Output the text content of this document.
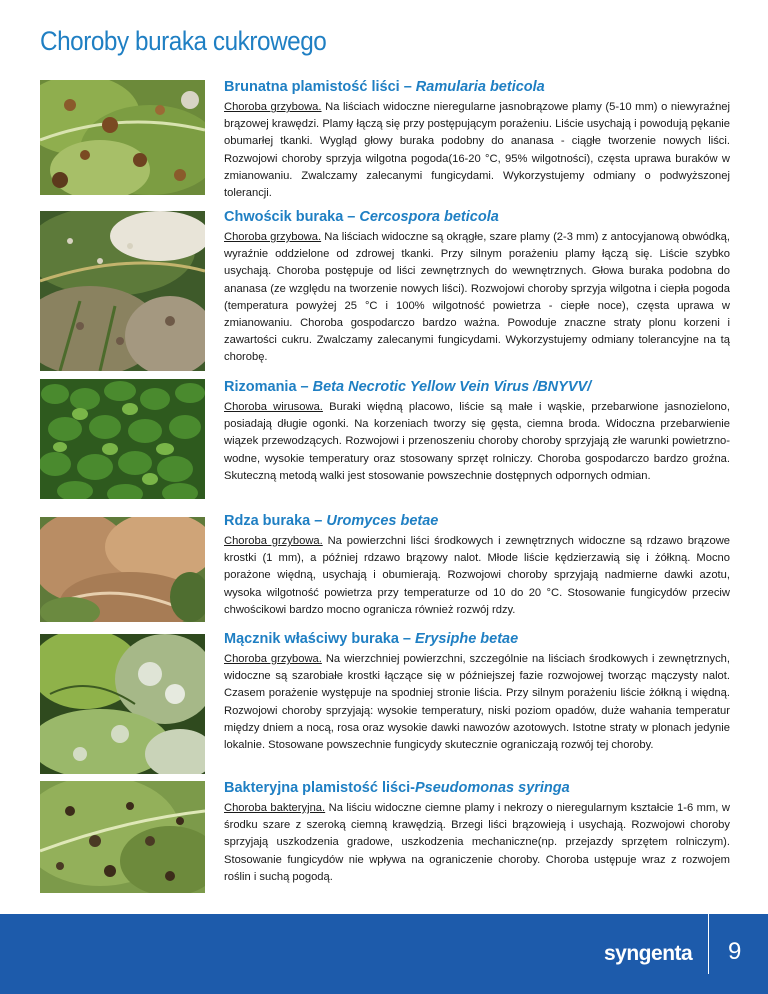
Choroby buraka cukrowego
Brunatna plamistość liści – Ramularia beticola

Choroba grzybowa. Na liściach widoczne nieregularne jasnobrązowe plamy (5-10 mm) o niewyraźnej brązowej krawędzi. Plamy łączą się przy postępującym porażeniu. Liście usychają i powodują pękanie obumarłej tkanki. Wygląd głowy buraka podobny do ananasa - ciągłe tworzenie nowych liści. Rozwojowi choroby sprzyja wilgotna pogoda(16-20 °C, 95% wilgotności), częsta uprawa buraków w zmianowaniu. Zwalczamy zalecanymi fungicydami. Wykorzystujemy odmiany o podwyższonej tolerancji.

Chwościk buraka – Cercospora beticola

Choroba grzybowa. Na liściach widoczne są okrągłe, szare plamy (2-3 mm) z antocyjanową obwódką, wyraźnie oddzielone od zdrowej tkanki. Przy silnym porażeniu plamy łączą się. Liście szybko usychają. Choroba postępuje od liści zewnętrznych do wewnętrznych. Głowa buraka podobna do ananasa (ze względu na tworzenie nowych liści). Rozwojowi choroby sprzyja wilgotna i ciepła pogoda (temperatura powyżej 25 °C i 100% wilgotność powietrza - ciepłe noce), częsta uprawa w zmianowaniu. Choroba gospodarczo bardzo ważna. Powoduje znaczne straty plonu korzeni i zawartości cukru. Zwalczamy zalecanymi fungicydami. Wykorzystujemy odmiany tolerancyjne na tą chorobę.

Rizomania – Beta Necrotic Yellow Vein Virus /BNYVV/

Choroba wirusowa. Buraki więdną placowo, liście są małe i wąskie, przebarwione jasnozielono, posiadają długie ogonki. Na korzeniach tworzy się gęsta, ciemna broda. Widoczna przebarwienie wiązek przewodzących. Rozwojowi i przenoszeniu choroby choroby sprzyjają złe warunki powietrzno-wodne, wysokie temperatury oraz stosowany sprzęt rolniczy. Choroba gospodarczo bardzo groźna. Skuteczną metodą walki jest stosowanie powszechnie dostępnych odpornych odmian.

Rdza buraka – Uromyces betae

Choroba grzybowa. Na powierzchni liści środkowych i zewnętrznych widoczne są rdzawo brązowe krostki (1 mm), a później rdzawo brązowy nalot. Młode liście kędzierzawią się i żółkną. Mocno porażone więdną, usychają i obumierają. Rozwojowi choroby sprzyjają nadmierne dawki azotu, wysoka wilgotność powietrza przy temperaturze od 10 do 20 °C. Stosowanie fungicydów przeciw chwościkowi bardzo mocno ogranicza również rozwój rdzy.

Mącznik właściwy buraka – Erysiphe betae

Choroba grzybowa. Na wierzchniej powierzchni, szczególnie na liściach środkowych i zewnętrznych, widoczne są szarobiałe krostki łączące się w późniejszej fazie rozwojowej tworząc mączysty nalot. Czasem porażenie występuje na spodniej stronie liścia. Przy silnym porażeniu liście żółkną i więdną. Rozwojowi choroby sprzyjają: wysokie temperatury, niski poziom opadów, duże wahania temperatur między dniem a nocą, rosa oraz wysokie dawki nawozów azotowych. Istotne straty w plonach jedynie lokalnie. Stosowane powszechnie fungicydy skutecznie ograniczają rozwój tej choroby.

Bakteryjna plamistość liści-Pseudomonas syringa

Choroba bakteryjna. Na liściu widoczne ciemne plamy i nekrozy o nieregularnym kształcie 1-6 mm, w środku szare z szeroką ciemną krawędzią. Brzegi liści brązowieją i usychają. Rozwojowi choroby sprzyjają uszkodzenia gradowe, uszkodzenia mechaniczne(np. przejazdy sprzętem rolniczym). Stosowanie fungicydów nie wpływa na ograniczenie choroby. Choroba ustępuje wraz z rozwojem roślin i suchą pogodą.

syngenta 9
